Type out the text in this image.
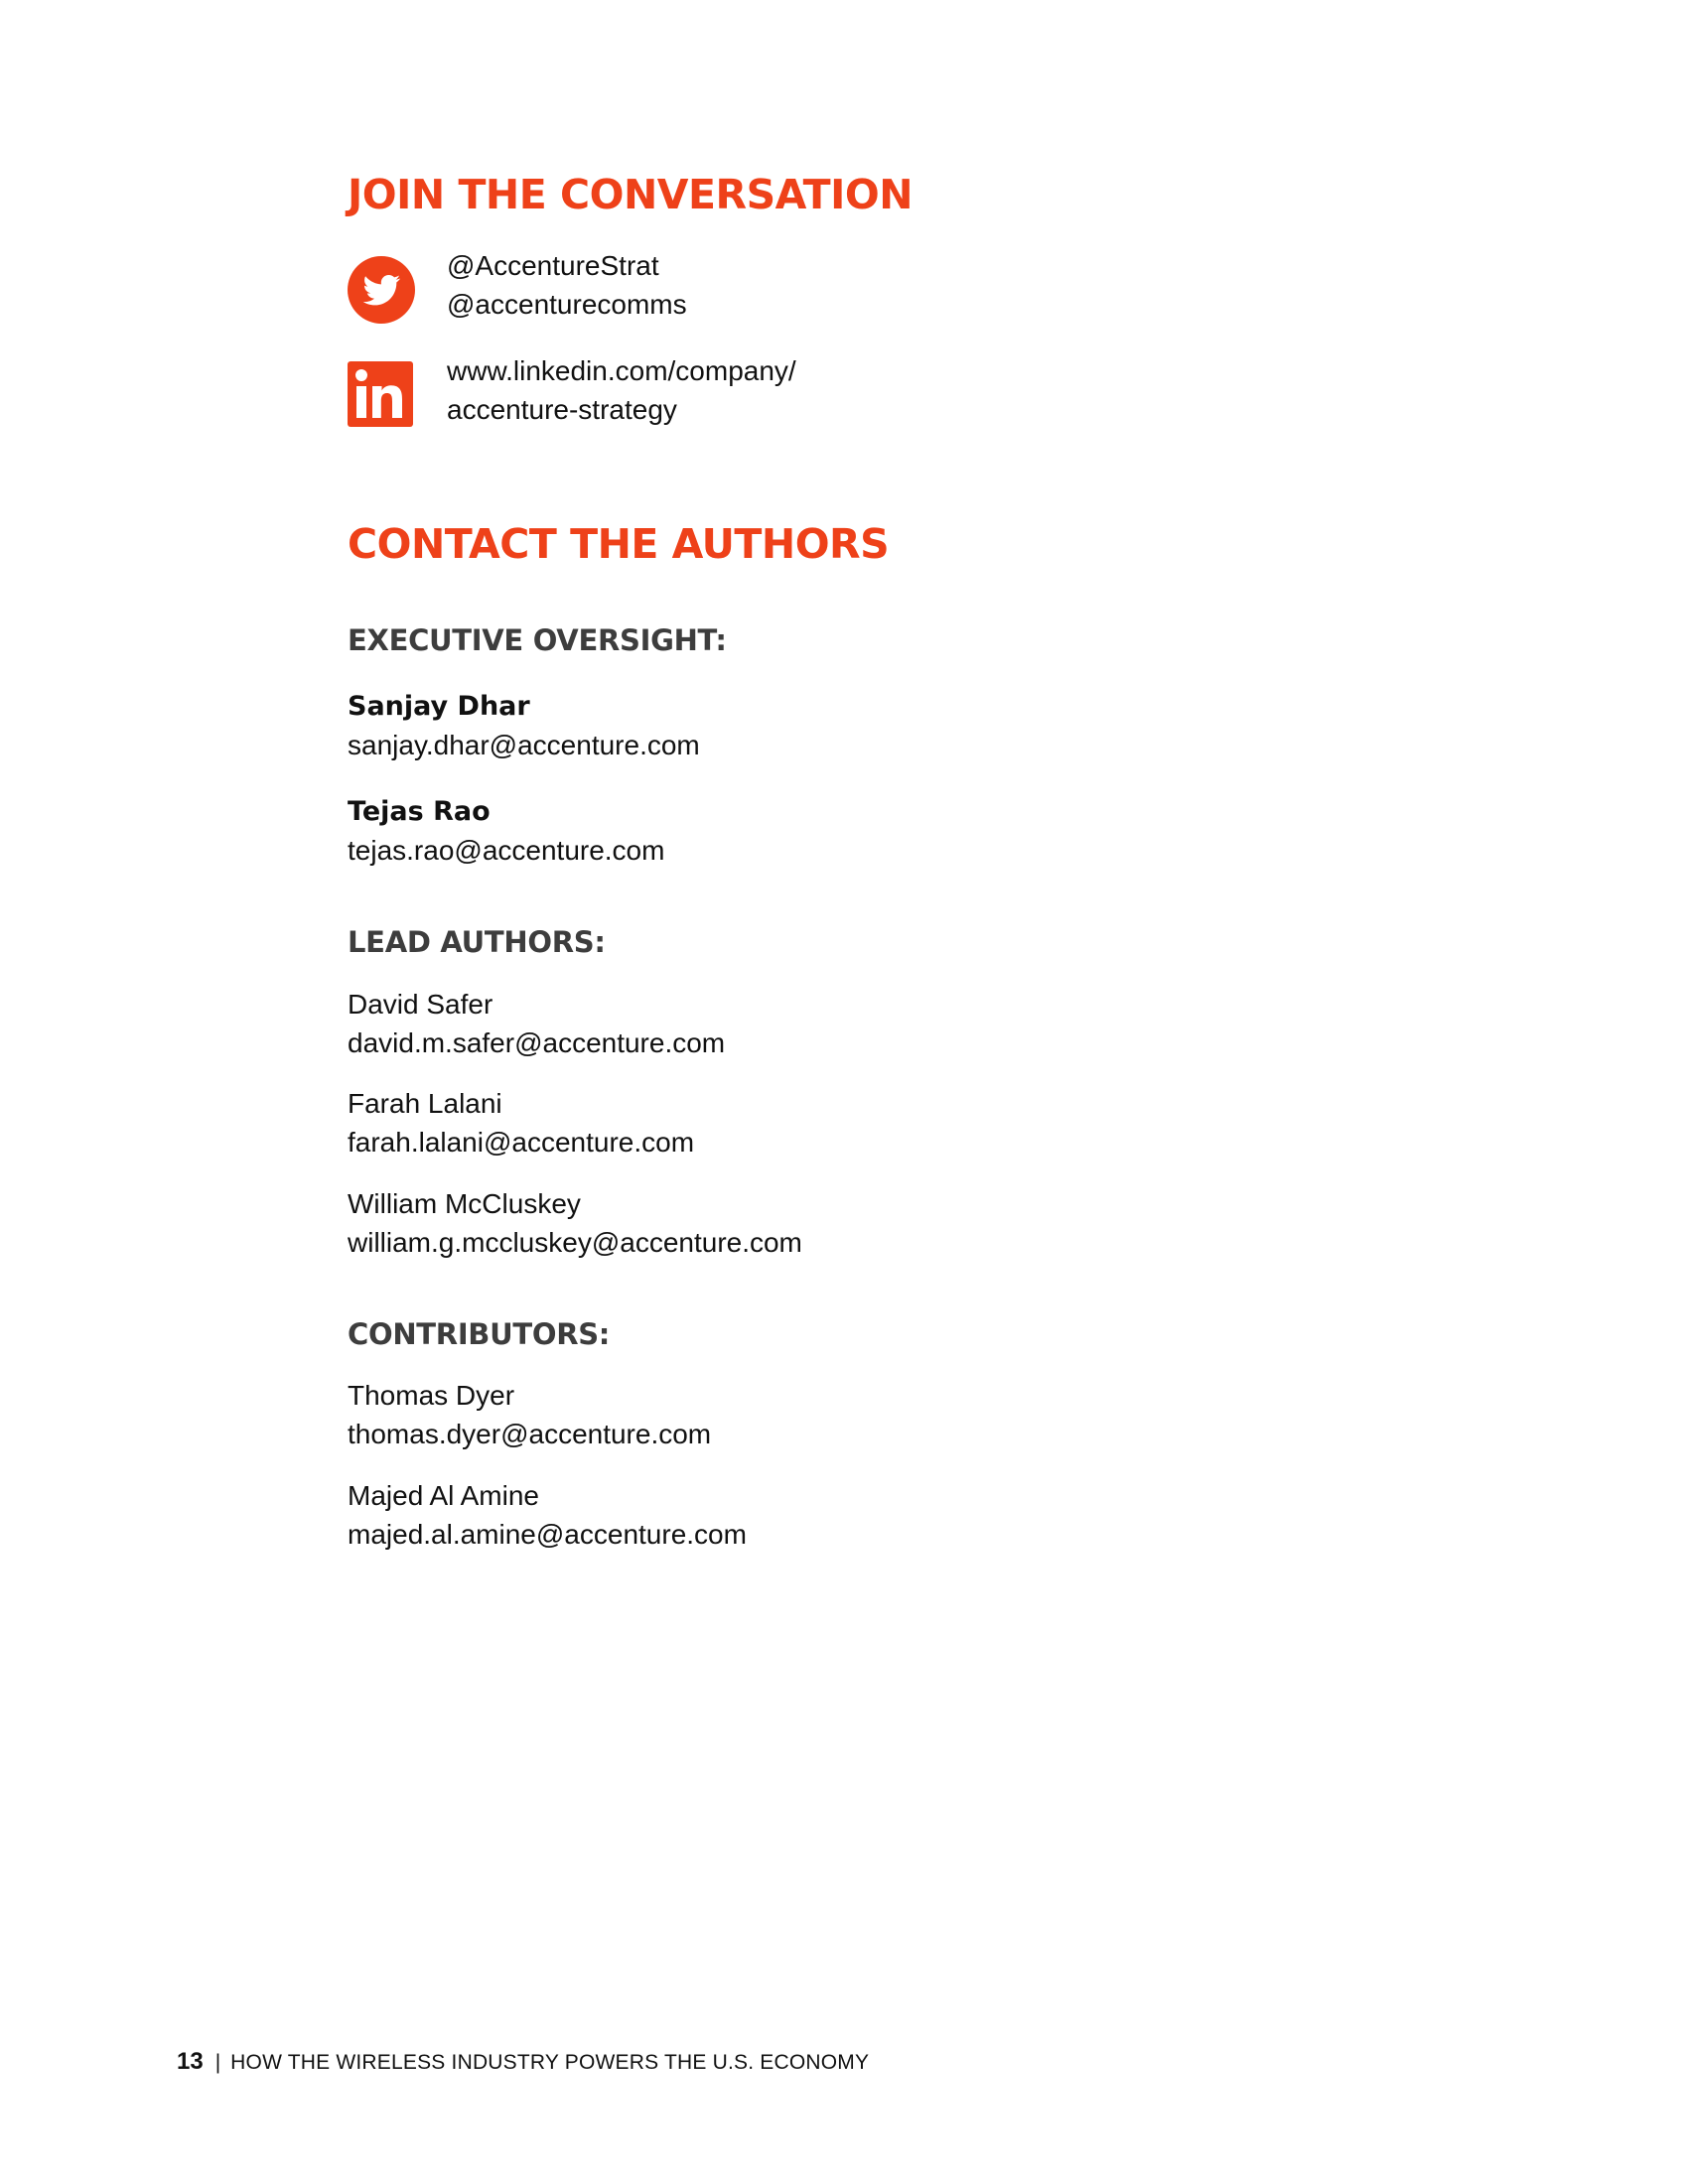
JOIN THE CONVERSATION
@AccentureStrat
@accenturecomms
www.linkedin.com/company/
accenture-strategy
CONTACT THE AUTHORS
EXECUTIVE OVERSIGHT:
Sanjay Dhar
sanjay.dhar@accenture.com
Tejas Rao
tejas.rao@accenture.com
LEAD AUTHORS:
David Safer
david.m.safer@accenture.com
Farah Lalani
farah.lalani@accenture.com
William McCluskey
william.g.mccluskey@accenture.com
CONTRIBUTORS:
Thomas Dyer
thomas.dyer@accenture.com
Majed Al Amine
majed.al.amine@accenture.com
13 | HOW THE WIRELESS INDUSTRY POWERS THE U.S. ECONOMY
